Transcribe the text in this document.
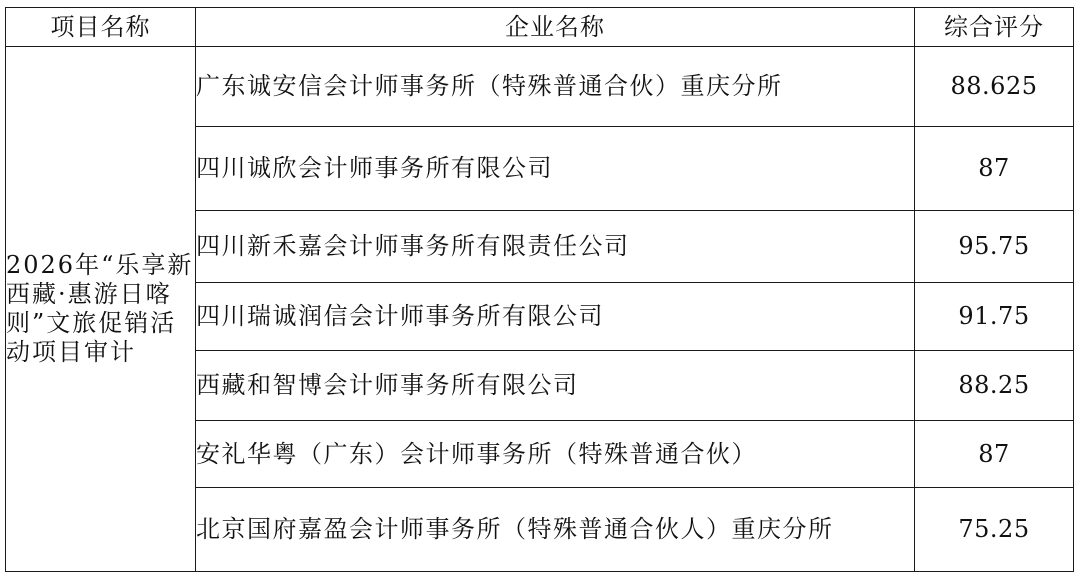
项目名称	企业名称	综合评分
2026年“乐享新西藏·惠游日喀则”文旅促销活动项目审计	广东诚安信会计师事务所（特殊普通合伙）重庆分所	88.625
	四川诚欣会计师事务所有限公司	87
	四川新禾嘉会计师事务所有限责任公司	95.75
	四川瑞诚润信会计师事务所有限公司	91.75
	西藏和智博会计师事务所有限公司	88.25
	安礼华粤（广东）会计师事务所（特殊普通合伙）	87
	北京国府嘉盈会计师事务所（特殊普通合伙人）重庆分所	75.25
